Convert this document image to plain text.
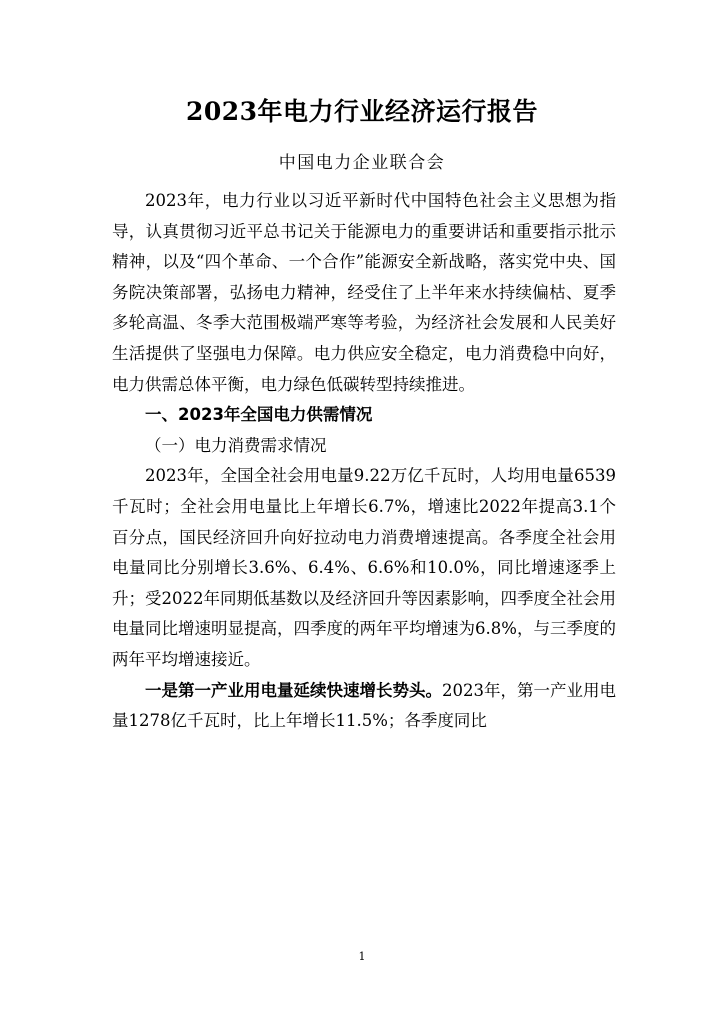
2023年电力行业经济运行报告
中国电力企业联合会

2023年，电力行业以习近平新时代中国特色社会主义思想为指导，认真贯彻习近平总书记关于能源电力的重要讲话和重要指示批示精神，以及“四个革命、一个合作”能源安全新战略，落实党中央、国务院决策部署，弘扬电力精神，经受住了上半年来水持续偏枯、夏季多轮高温、冬季大范围极端严寒等考验，为经济社会发展和人民美好生活提供了坚强电力保障。电力供应安全稳定，电力消费稳中向好，电力供需总体平衡，电力绿色低碳转型持续推进。

一、2023年全国电力供需情况

（一）电力消费需求情况

2023年，全国全社会用电量9.22万亿千瓦时，人均用电量6539千瓦时；全社会用电量比上年增长6.7%，增速比2022年提高3.1个百分点，国民经济回升向好拉动电力消费增速提高。各季度全社会用电量同比分别增长3.6%、6.4%、6.6%和10.0%，同比增速逐季上升；受2022年同期低基数以及经济回升等因素影响，四季度全社会用电量同比增速明显提高，四季度的两年平均增速为6.8%，与三季度的两年平均增速接近。

一是第一产业用电量延续快速增长势头。2023年，第一产业用电量1278亿千瓦时，比上年增长11.5%；各季度同比

1
